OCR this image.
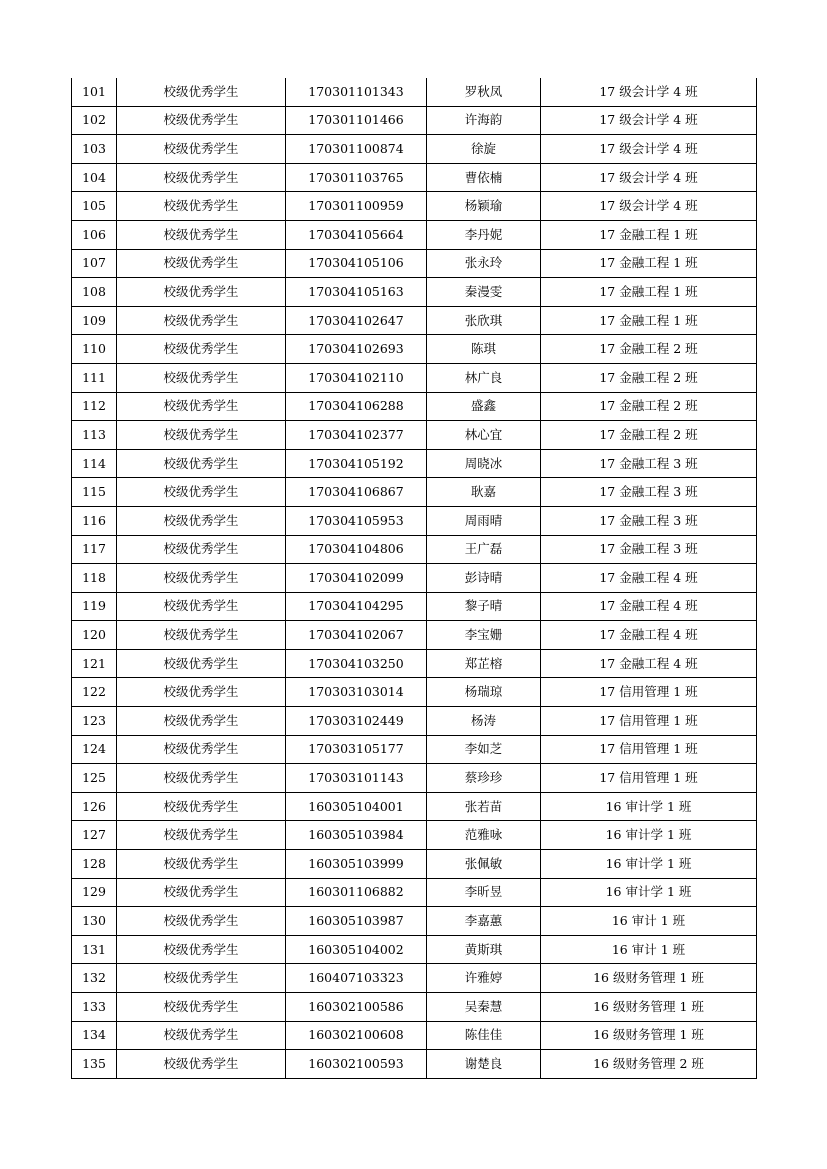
101	校级优秀学生	170301101343	罗秋凤	17 级会计学 4 班
102	校级优秀学生	170301101466	许海韵	17 级会计学 4 班
103	校级优秀学生	170301100874	徐旋	17 级会计学 4 班
104	校级优秀学生	170301103765	曹依楠	17 级会计学 4 班
105	校级优秀学生	170301100959	杨颖瑜	17 级会计学 4 班
106	校级优秀学生	170304105664	李丹妮	17 金融工程 1 班
107	校级优秀学生	170304105106	张永玲	17 金融工程 1 班
108	校级优秀学生	170304105163	秦漫雯	17 金融工程 1 班
109	校级优秀学生	170304102647	张欣琪	17 金融工程 1 班
110	校级优秀学生	170304102693	陈琪	17 金融工程 2 班
111	校级优秀学生	170304102110	林广良	17 金融工程 2 班
112	校级优秀学生	170304106288	盛鑫	17 金融工程 2 班
113	校级优秀学生	170304102377	林心宜	17 金融工程 2 班
114	校级优秀学生	170304105192	周晓冰	17 金融工程 3 班
115	校级优秀学生	170304106867	耿嘉	17 金融工程 3 班
116	校级优秀学生	170304105953	周雨晴	17 金融工程 3 班
117	校级优秀学生	170304104806	王广磊	17 金融工程 3 班
118	校级优秀学生	170304102099	彭诗晴	17 金融工程 4 班
119	校级优秀学生	170304104295	黎子晴	17 金融工程 4 班
120	校级优秀学生	170304102067	李宝姗	17 金融工程 4 班
121	校级优秀学生	170304103250	郑芷榕	17 金融工程 4 班
122	校级优秀学生	170303103014	杨瑞琼	17 信用管理 1 班
123	校级优秀学生	170303102449	杨涛	17 信用管理 1 班
124	校级优秀学生	170303105177	李如芝	17 信用管理 1 班
125	校级优秀学生	170303101143	蔡珍珍	17 信用管理 1 班
126	校级优秀学生	160305104001	张若苗	16 审计学 1 班
127	校级优秀学生	160305103984	范雅咏	16 审计学 1 班
128	校级优秀学生	160305103999	张佩敏	16 审计学 1 班
129	校级优秀学生	160301106882	李昕昱	16 审计学 1 班
130	校级优秀学生	160305103987	李嘉蕙	16 审计 1 班
131	校级优秀学生	160305104002	黄斯琪	16 审计 1 班
132	校级优秀学生	160407103323	许雅婷	16 级财务管理 1 班
133	校级优秀学生	160302100586	吴秦慧	16 级财务管理 1 班
134	校级优秀学生	160302100608	陈佳佳	16 级财务管理 1 班
135	校级优秀学生	160302100593	谢楚良	16 级财务管理 2 班
